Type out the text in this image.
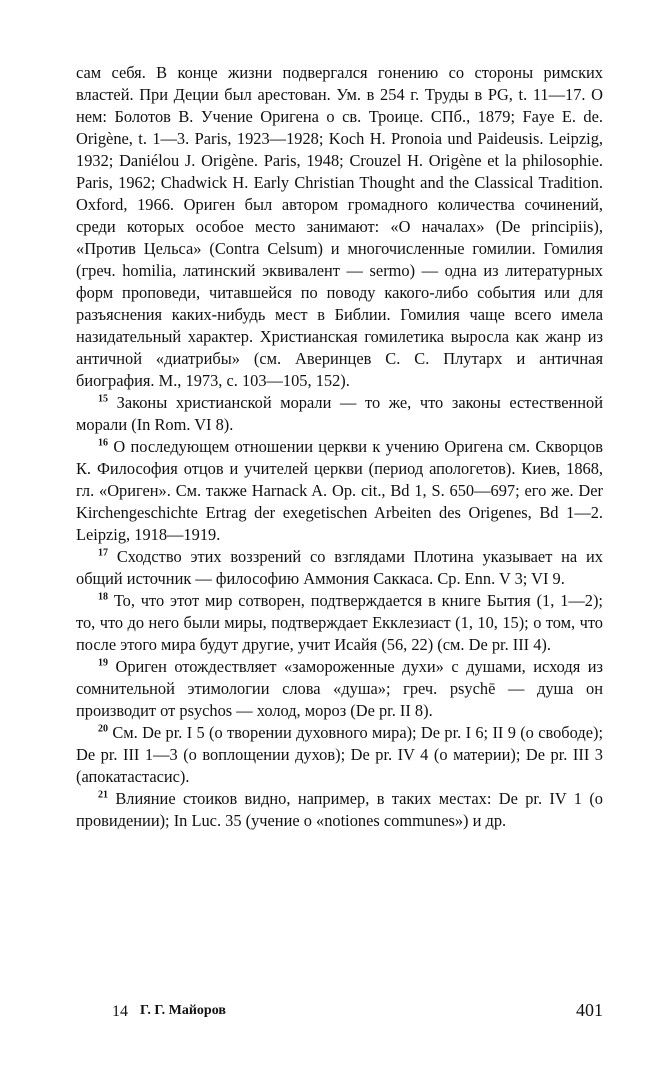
сам себя. В конце жизни подвергался гонению со стороны римских властей. При Деции был арестован. Ум. в 254 г. Труды в PG, t. 11—17. О нем: Болотов В. Учение Оригена о св. Троице. СПб., 1879; Faye E. de. Origène, t. 1—3. Paris, 1923—1928; Koch H. Pronoia und Paideusis. Leipzig, 1932; Daniélou J. Origène. Paris, 1948; Crouzel H. Origène et la philosophie. Paris, 1962; Chadwick H. Early Christian Thought and the Classical Tradition. Oxford, 1966. Ориген был автором громадного количества сочинений, среди которых особое место занимают: «О началах» (De principiis), «Против Цельса» (Contra Celsum) и многочисленные гомилии. Гомилия (греч. homilia, латинский эквивалент — sermo) — одна из литературных форм проповеди, читавшейся по поводу какого-либо события или для разъяснения каких-нибудь мест в Библии. Гомилия чаще всего имела назидательный характер. Христианская гомилетика выросла как жанр из античной «диатрибы» (см. Аверинцев С. С. Плутарх и античная биография. М., 1973, с. 103—105, 152).

$^{15}$ Законы христианской морали — то же, что законы естественной морали (In Rom. VI 8).

$^{16}$ О последующем отношении церкви к учению Оригена см. Скворцов К. Философия отцов и учителей церкви (период апологетов). Киев, 1868, гл. «Ориген». См. также Harnack A. Op. cit., Bd 1, S. 650—697; его же. Der Kirchengeschichte Ertrag der exegetischen Arbeiten des Origenes, Bd 1—2. Leipzig, 1918—1919.

$^{17}$ Сходство этих воззрений со взглядами Плотина указывает на их общий источник — философию Аммония Саккаса. Ср. Enn. V 3; VI 9.

$^{18}$ То, что этот мир сотворен, подтверждается в книге Бытия (1, 1—2); то, что до него были миры, подтверждает Екклезиаст (1, 10, 15); о том, что после этого мира будут другие, учит Исайя (56, 22) (см. De pr. III 4).

$^{19}$ Ориген отождествляет «замороженные духи» с душами, исходя из сомнительной этимологии слова «душа»; греч. psychē — душа он производит от psychos — холод, мороз (De pr. II 8).

$^{20}$ См. De pr. I 5 (о творении духовного мира); De pr. I 6; II 9 (о свободе); De pr. III 1—3 (о воплощении духов); De pr. IV 4 (о материи); De pr. III 3 (апокатастасис).

$^{21}$ Влияние стоиков видно, например, в таких местах: De pr. IV 1 (о провидении); In Luc. 35 (учение о «notiones communes») и др.

14 Г. Г. Майоров	401
